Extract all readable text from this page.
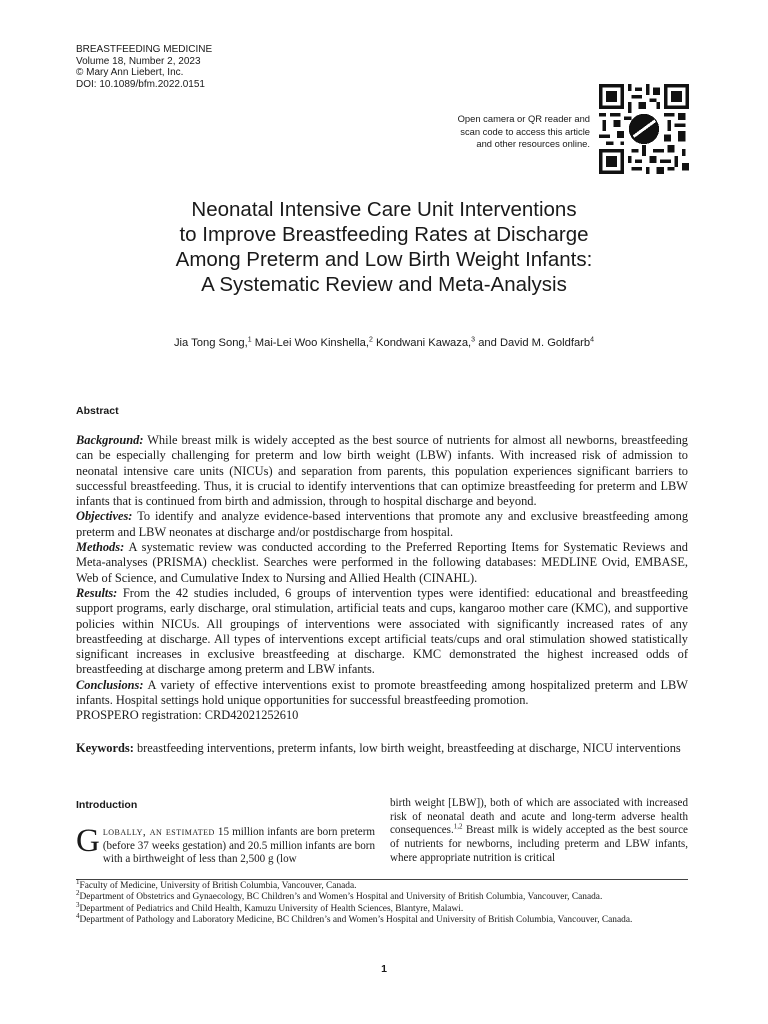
BREASTFEEDING MEDICINE
Volume 18, Number 2, 2023
© Mary Ann Liebert, Inc.
DOI: 10.1089/bfm.2022.0151
Open camera or QR reader and
scan code to access this article
and other resources online.
Neonatal Intensive Care Unit Interventions
to Improve Breastfeeding Rates at Discharge
Among Preterm and Low Birth Weight Infants:
A Systematic Review and Meta-Analysis
Jia Tong Song,$^1$ Mai-Lei Woo Kinshella,$^2$ Kondwani Kawaza,$^3$ and David M. Goldfarb$^4$
Abstract

Background: While breast milk is widely accepted as the best source of nutrients for almost all newborns, breastfeeding can be especially challenging for preterm and low birth weight (LBW) infants. With increased risk of admission to neonatal intensive care units (NICUs) and separation from parents, this population experiences significant barriers to successful breastfeeding. Thus, it is crucial to identify interventions that can optimize breastfeeding for preterm and LBW infants that is continued from birth and admission, through to hospital discharge and beyond.

Objectives: To identify and analyze evidence-based interventions that promote any and exclusive breastfeeding among preterm and LBW neonates at discharge and/or postdischarge from hospital.

Methods: A systematic review was conducted according to the Preferred Reporting Items for Systematic Reviews and Meta-analyses (PRISMA) checklist. Searches were performed in the following databases: MEDLINE Ovid, EMBASE, Web of Science, and Cumulative Index to Nursing and Allied Health (CINAHL).

Results: From the 42 studies included, 6 groups of intervention types were identified: educational and breastfeeding support programs, early discharge, oral stimulation, artificial teats and cups, kangaroo mother care (KMC), and supportive policies within NICUs. All groupings of interventions were associated with significantly increased rates of any breastfeeding at discharge. All types of interventions except artificial teats/cups and oral stimulation showed statistically significant increases in exclusive breastfeeding at discharge. KMC demonstrated the highest increased odds of breastfeeding at discharge among preterm and LBW infants.

Conclusions: A variety of effective interventions exist to promote breastfeeding among hospitalized preterm and LBW infants. Hospital settings hold unique opportunities for successful breastfeeding promotion.

PROSPERO registration: CRD42021252610

Keywords: breastfeeding interventions, preterm infants, low birth weight, breastfeeding at discharge, NICU interventions
Introduction

Globally, an estimated 15 million infants are born preterm (before 37 weeks gestation) and 20.5 million infants are born with a birthweight of less than 2,500 g (low

birth weight [LBW]), both of which are associated with increased risk of neonatal death and acute and long-term adverse health consequences.$^{1,2}$ Breast milk is widely accepted as the best source of nutrients for newborns, including preterm and LBW infants, where appropriate nutrition is critical

$^1$Faculty of Medicine, University of British Columbia, Vancouver, Canada.

$^2$Department of Obstetrics and Gynaecology, BC Children’s and Women’s Hospital and University of British Columbia, Vancouver, Canada.

$^3$Department of Pediatrics and Child Health, Kamuzu University of Health Sciences, Blantyre, Malawi.

$^4$Department of Pathology and Laboratory Medicine, BC Children’s and Women’s Hospital and University of British Columbia, Vancouver, Canada.

1
